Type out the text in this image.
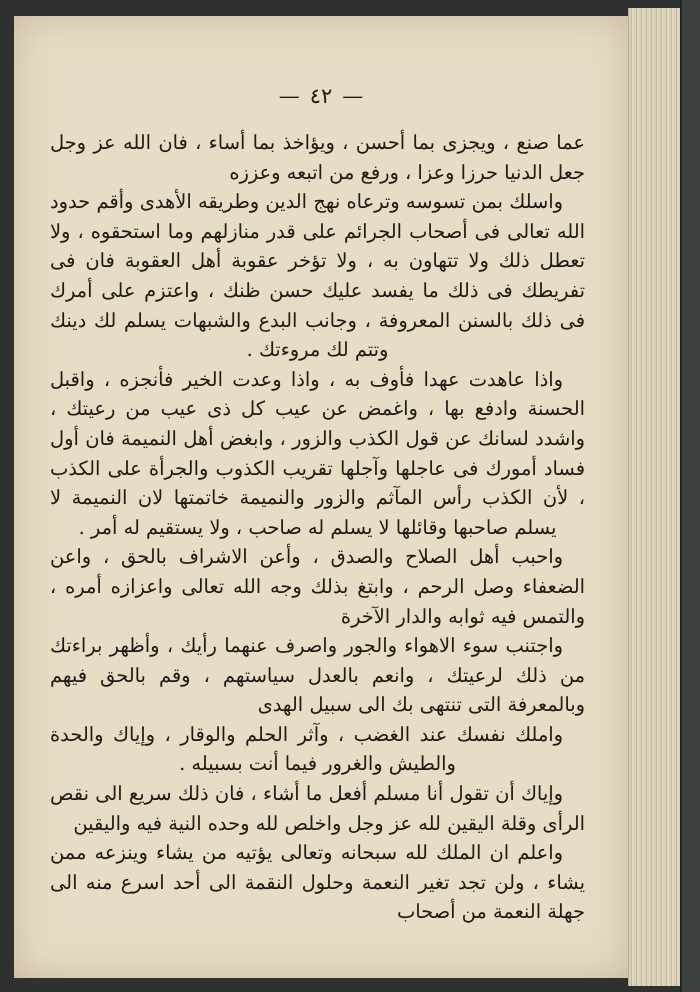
—٤٢—

عما صنع ، ويجزى بما أحسن ، ويؤاخذ بما أساء ، فان الله عز وجل جعل الدنيا حرزا وعزا ، ورفع من اتبعه وعززه

واسلك بمن تسوسه وترعاه نهج الدين وطريقه الأهدى وأقم حدود الله تعالى فى أصحاب الجرائم على قدر منازلهم وما استحقوه ، ولا تعطل ذلك ولا تتهاون به ، ولا تؤخر عقوبة أهل العقوبة فان فى تفريطك فى ذلك ما يفسد عليك حسن ظنك ، واعتزم على أمرك فى ذلك بالسنن المعروفة ، وجانب البدع والشبهات يسلم لك دينك وتتم لك مروءتك .

واذا عاهدت عهدا فأوف به ، واذا وعدت الخير فأنجزه ، واقبل الحسنة وادفع بها ، واغمض عن عيب كل ذى عيب من رعيتك ، واشدد لسانك عن قول الكذب والزور ، وابغض أهل النميمة فان أول فساد أمورك فى عاجلها وآجلها تقريب الكذوب والجرأة على الكذب ، لأن الكذب رأس المآثم والزور والنميمة خاتمتها لان النميمة لا يسلم صاحبها وقائلها لا يسلم له صاحب ، ولا يستقيم له أمر .

واحبب أهل الصلاح والصدق ، وأعن الاشراف بالحق ، واعن الضعفاء وصل الرحم ، وابتغ بذلك وجه الله تعالى واعزازه أمره ، والتمس فيه ثوابه والدار الآخرة

واجتنب سوء الاهواء والجور واصرف عنهما رأيك ، وأظهر براءتك من ذلك لرعيتك ، وانعم بالعدل سياستهم ، وقم بالحق فيهم وبالمعرفة التى تنتهى بك الى سبيل الهدى

واملك نفسك عند الغضب ، وآثر الحلم والوقار ، وإياك والحدة والطيش والغرور فيما أنت بسبيله .

وإياك أن تقول أنا مسلم أفعل ما أشاء ، فان ذلك سريع الى نقص الرأى وقلة اليقين لله عز وجل واخلص لله وحده النية فيه واليقين

واعلم ان الملك لله سبحانه وتعالى يؤتيه من يشاء وينزعه ممن يشاء ، ولن تجد تغير النعمة وحلول النقمة الى أحد اسرع منه الى جهلة النعمة من أصحاب
